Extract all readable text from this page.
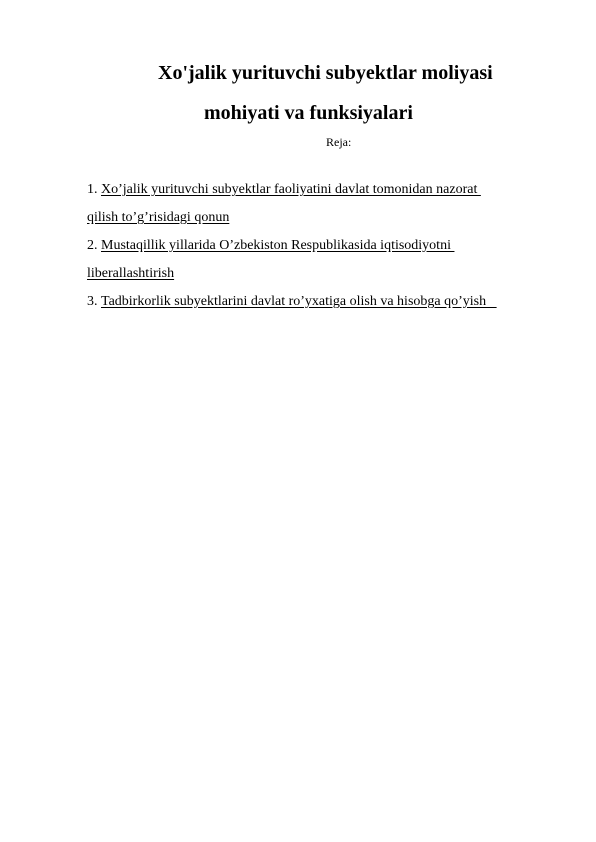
Xo'jalik yurituvchi subyektlar moliyasi
mohiyati va funksiyalari
Reja:
1. Xo’jalik yurituvchi subyektlar faoliyatini davlat tomonidan nazorat
qilish to’g’risidagi qonun
2. Mustaqillik yillarida O’zbekiston Respublikasida iqtisodiyotni
liberallashtirish
3. Tadbirkorlik subyektlarini davlat ro’yxatiga olish va hisobga qo’yish
